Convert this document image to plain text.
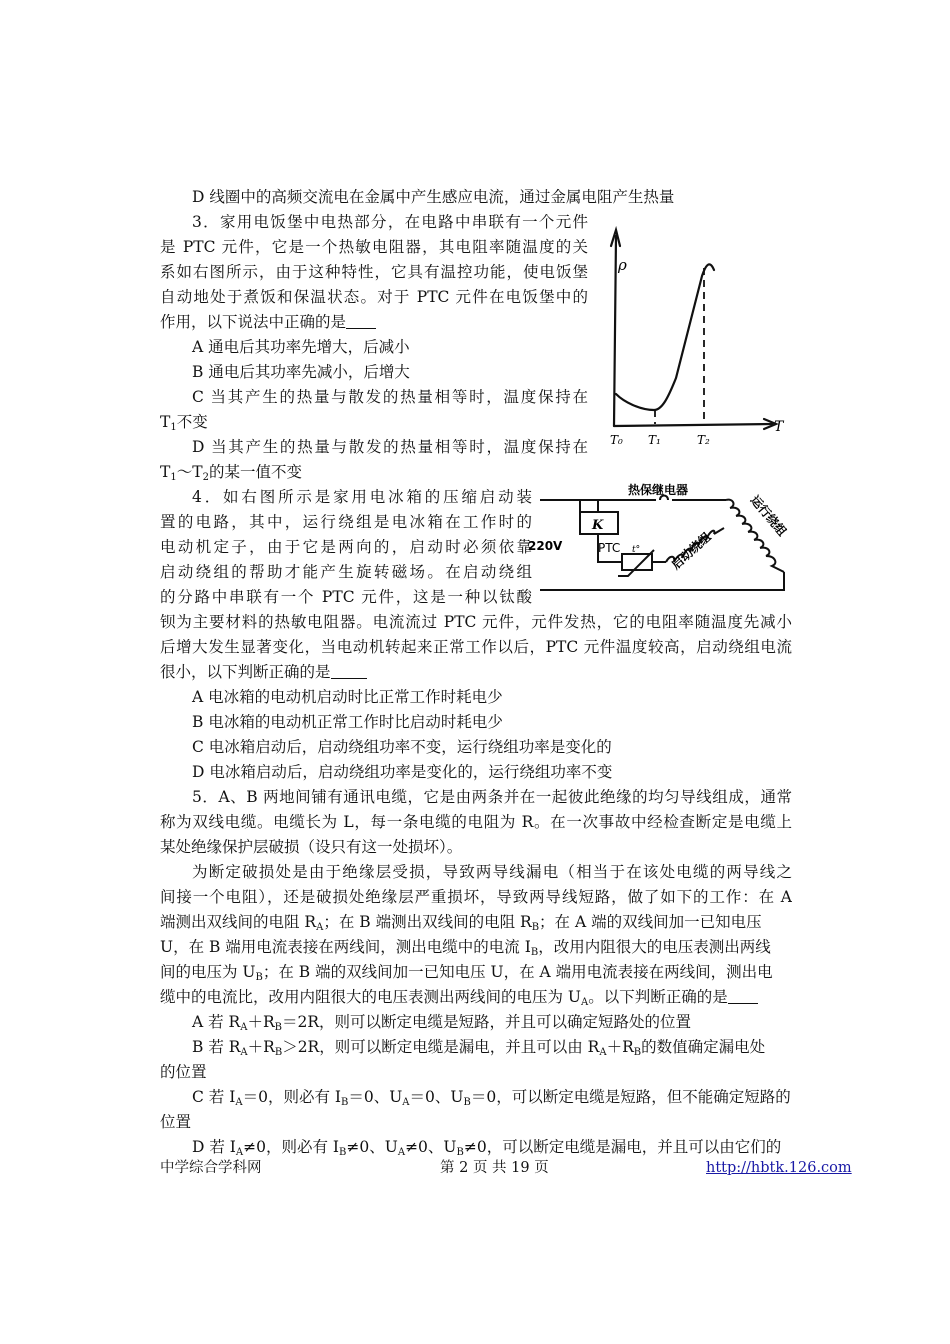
D 线圈中的高频交流电在金属中产生感应电流，通过金属电阻产生热量
3．家用电饭堡中电热部分，在电路中串联有一个元件
是 PTC 元件，它是一个热敏电阻器，其电阻率随温度的关
系如右图所示，由于这种特性，它具有温控功能，使电饭堡
自动地处于煮饭和保温状态。对于 PTC 元件在电饭堡中的
作用，以下说法中正确的是
A 通电后其功率先增大，后减小
B 通电后其功率先减小，后增大
C 当其产生的热量与散发的热量相等时，温度保持在
$T_1$不变
D 当其产生的热量与散发的热量相等时，温度保持在
$T_1\sim T_2$的某一值不变
4．如右图所示是家用电冰箱的压缩启动装
置的电路，其中，运行绕组是电冰箱在工作时的
电动机定子，由于它是两向的，启动时必须依靠
启动绕组的帮助才能产生旋转磁场。在启动绕组
的分路中串联有一个 PTC 元件，这是一种以钛酸
钡为主要材料的热敏电阻器。电流流过 PTC 元件，元件发热，它的电阻率随温度先减小
后增大发生显著变化，当电动机转起来正常工作以后，PTC 元件温度较高，启动绕组电流
很小，以下判断正确的是
A 电冰箱的电动机启动时比正常工作时耗电少
B 电冰箱的电动机正常工作时比启动时耗电少
C 电冰箱启动后，启动绕组功率不变，运行绕组功率是变化的
D 电冰箱启动后，启动绕组功率是变化的，运行绕组功率不变
5．A、B 两地间铺有通讯电缆，它是由两条并在一起彼此绝缘的均匀导线组成，通常
称为双线电缆。电缆长为 L，每一条电缆的电阻为 R。在一次事故中经检查断定是电缆上
某处绝缘保护层破损（设只有这一处损坏）。
为断定破损处是由于绝缘层受损，导致两导线漏电（相当于在该处电缆的两导线之
间接一个电阻），还是破损处绝缘层严重损坏，导致两导线短路，做了如下的工作：在 A
端测出双线间的电阻 $R_A$；在 B 端测出双线间的电阻 $R_B$；在 A 端的双线间加一已知电压
U，在 B 端用电流表接在两线间，测出电缆中的电流 $I_B$，改用内阻很大的电压表测出两线
间的电压为 $U_B$；在 B 端的双线间加一已知电压 U，在 A 端用电流表接在两线间，测出电
缆中的电流比，改用内阻很大的电压表测出两线间的电压为 $U_A$。以下判断正确的是
A 若 $R_A+R_B=2R$，则可以断定电缆是短路，并且可以确定短路处的位置
B 若 $R_A+R_B>2R$，则可以断定电缆是漏电，并且可以由 $R_A+R_B$的数值确定漏电处
的位置
C 若 $I_A=0$，则必有 $I_B=0$、$U_A=0$、$U_B=0$，可以断定电缆是短路，但不能确定短路的
位置
D 若 $I_A\ne 0$，则必有 $I_B\ne 0$、$U_A\ne 0$、$U_B\ne 0$，可以断定电缆是漏电，并且可以由它们的
ρ
T
T₀ T₁	T₂
热保继电器
K
220V	PTC t° 启动绕组
运行绕组
中学综合学科网	第 2 页 共 19 页	http://hbtk.126.com
